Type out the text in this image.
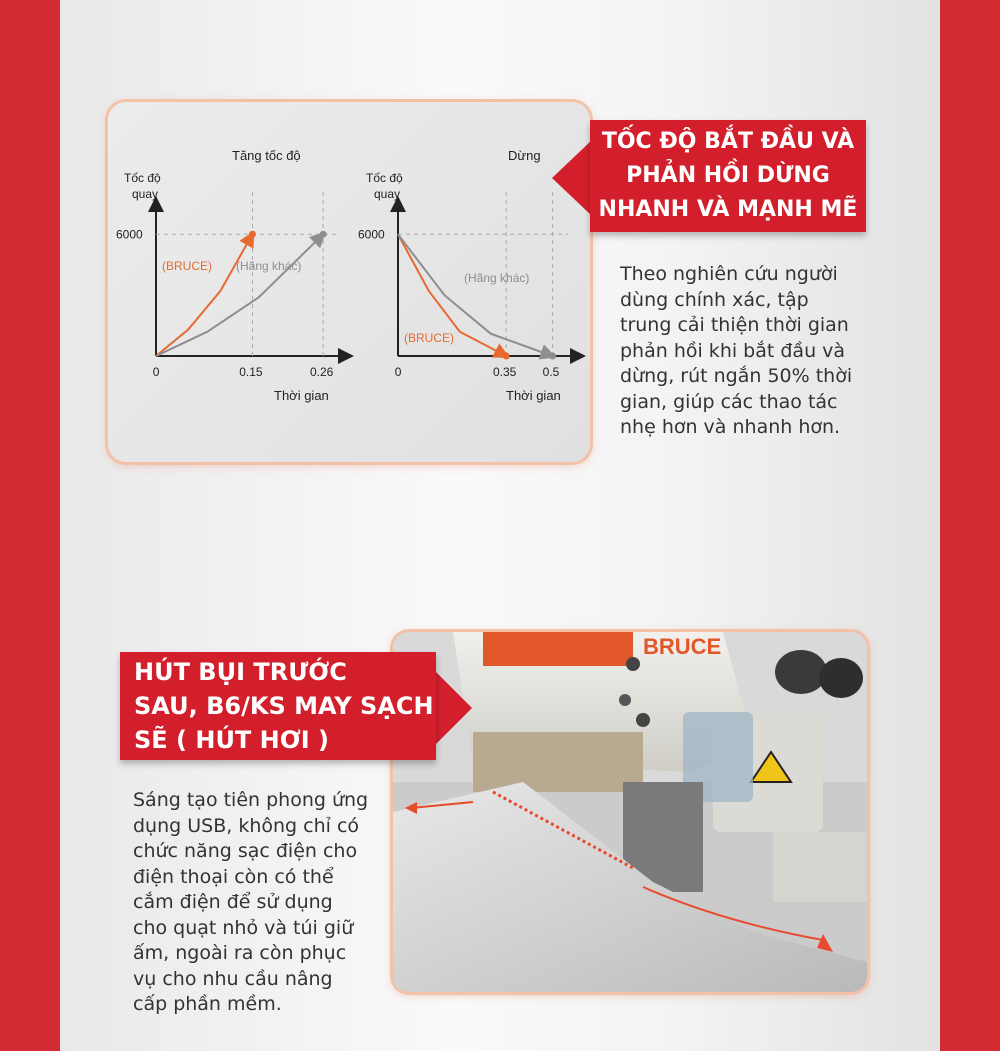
Tăng tốc độ
Tốc độ
quay
6000
0	0.15	0.26
Thời gian
(BRUCE) (Hãng khác)
Dừng
Tốc độ
quay
6000
0	0.35 0.5
Thời gian
(BRUCE)
(Hãng khác)
TỐC ĐỘ BẮT ĐẦU VÀ
PHẢN HỒI DỪNG
NHANH VÀ MẠNH MẼ
Theo nghiên cứu người
dùng chính xác, tập
trung cải thiện thời gian
phản hồi khi bắt đầu và
dừng, rút ngắn 50% thời
gian, giúp các thao tác
nhẹ hơn và nhanh hơn.
BRUCE
HÚT BỤI TRƯỚC
SAU, B6/KS MAY SẠCH
SẼ ( HÚT HƠI )
Sáng tạo tiên phong ứng
dụng USB, không chỉ có
chức năng sạc điện cho
điện thoại còn có thể
cắm điện để sử dụng
cho quạt nhỏ và túi giữ
ấm, ngoài ra còn phục
vụ cho nhu cầu nâng
cấp phần mềm.
